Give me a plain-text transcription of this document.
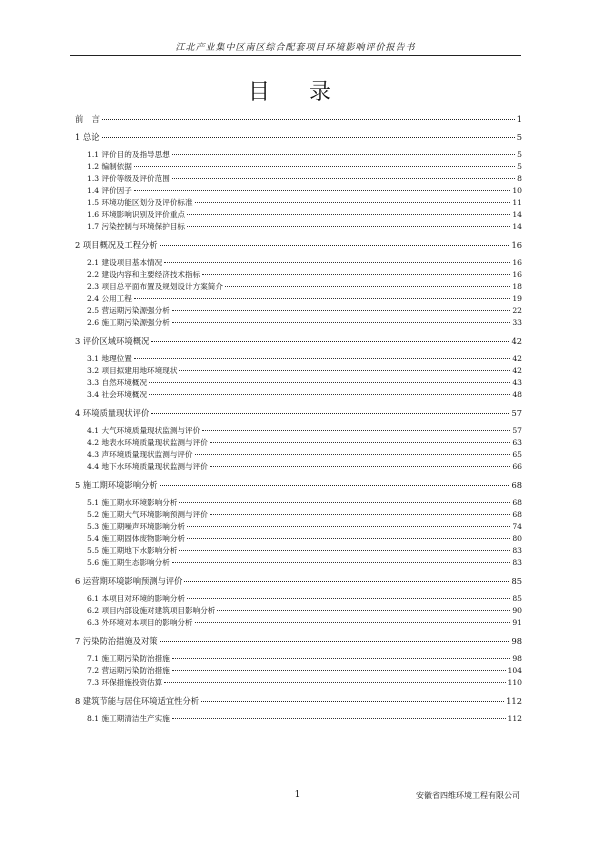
江北产业集中区南区综合配套项目环境影响评价报告书
目 录
前　言	1
1 总论	5
1.1 评价目的及指导思想	5
1.2 编制依据	5
1.3 评价等级及评价范围	8
1.4 评价因子	10
1.5 环境功能区划分及评价标准	11
1.6 环境影响识别及评价重点	14
1.7 污染控制与环境保护目标	14
2 项目概况及工程分析	16
2.1 建设项目基本情况	16
2.2 建设内容和主要经济技术指标	16
2.3 项目总平面布置及规划设计方案简介	18
2.4 公用工程	19
2.5 营运期污染源强分析	22
2.6 施工期污染源强分析	33
3 评价区域环境概况	42
3.1 地理位置	42
3.2 项目拟建用地环境现状	42
3.3 自然环境概况	43
3.4 社会环境概况	48
4 环境质量现状评价	57
4.1 大气环境质量现状监测与评价	57
4.2 地表水环境质量现状监测与评价	63
4.3 声环境质量现状监测与评价	65
4.4 地下水环境质量现状监测与评价	66
5 施工期环境影响分析	68
5.1 施工期水环境影响分析	68
5.2 施工期大气环境影响预测与评价	68
5.3 施工期噪声环境影响分析	74
5.4 施工期固体废物影响分析	80
5.5 施工期地下水影响分析	83
5.6 施工期生态影响分析	83
6 运营期环境影响预测与评价	85
6.1 本项目对环境的影响分析	85
6.2 项目内部设施对建筑项目影响分析	90
6.3 外环境对本项目的影响分析	91
7 污染防治措施及对策	98
7.1 施工期污染防治措施	98
7.2 营运期污染防治措施	104
7.3 环保措施投资估算	110
8 建筑节能与居住环境适宜性分析	112
8.1 施工期清洁生产实施	112
1	安徽省四维环境工程有限公司
